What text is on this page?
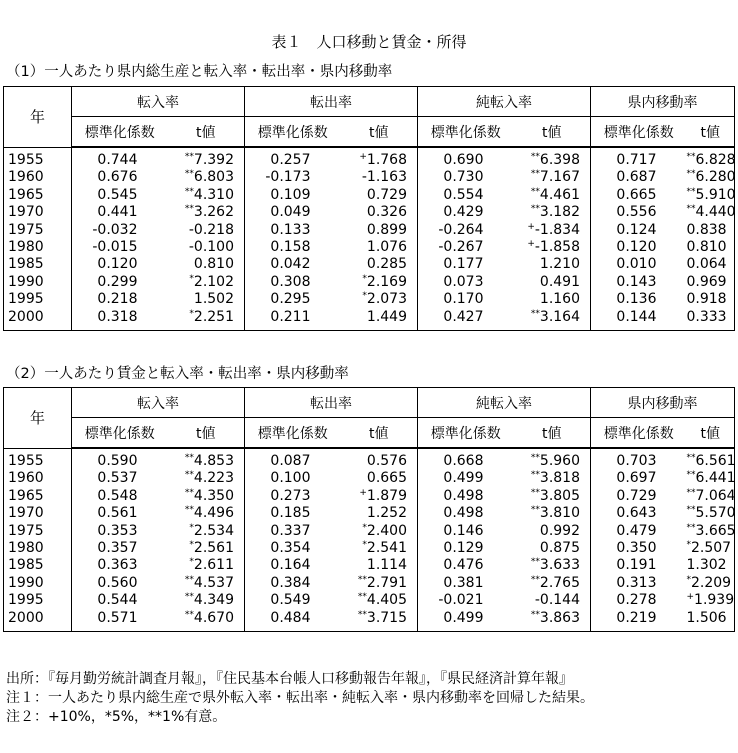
表１　人口移動と賃金・所得
（1）一人あたり県内総生産と転入率・転出率・県内移動率
年	転入率		転出率		純転入率		県内移動率	
	標準化係数	t値	標準化係数	t値	標準化係数	t値	標準化係数	t値
1955	0.744	**7.392	0.257	+1.768	0.690	**6.398	0.717	**6.828
1960	0.676	**6.803	-0.173	-1.163	0.730	**7.167	0.687	**6.280
1965	0.545	**4.310	0.109	0.729	0.554	**4.461	0.665	**5.910
1970	0.441	**3.262	0.049	0.326	0.429	**3.182	0.556	**4.440
1975	-0.032	-0.218	0.133	0.899	-0.264	+-1.834	0.124	0.838
1980	-0.015	-0.100	0.158	1.076	-0.267	+-1.858	0.120	0.810
1985	0.120	0.810	0.042	0.285	0.177	1.210	0.010	0.064
1990	0.299	*2.102	0.308	*2.169	0.073	0.491	0.143	0.969
1995	0.218	1.502	0.295	*2.073	0.170	1.160	0.136	0.918
2000	0.318	*2.251	0.211	1.449	0.427	**3.164	0.144	0.333
（2）一人あたり賃金と転入率・転出率・県内移動率
年	転入率		転出率		純転入率		県内移動率	
	標準化係数	t値	標準化係数	t値	標準化係数	t値	標準化係数	t値
1955	0.590	**4.853	0.087	0.576	0.668	**5.960	0.703	**6.561
1960	0.537	**4.223	0.100	0.665	0.499	**3.818	0.697	**6.441
1965	0.548	**4.350	0.273	+1.879	0.498	**3.805	0.729	**7.064
1970	0.561	**4.496	0.185	1.252	0.498	**3.810	0.643	**5.570
1975	0.353	*2.534	0.337	*2.400	0.146	0.992	0.479	**3.665
1980	0.357	*2.561	0.354	*2.541	0.129	0.875	0.350	*2.507
1985	0.363	*2.611	0.164	1.114	0.476	**3.633	0.191	1.302
1990	0.560	**4.537	0.384	**2.791	0.381	**2.765	0.313	*2.209
1995	0.544	**4.349	0.549	**4.405	-0.021	-0.144	0.278	+1.939
2000	0.571	**4.670	0.484	**3.715	0.499	**3.863	0.219	1.506
出所：『毎月勤労統計調査月報』，『住民基本台帳人口移動報告年報』，『県民経済計算年報』
注１：一人あたり県内総生産で県外転入率・転出率・純転入率・県内移動率を回帰した結果。
注２：+10%，*5%，**1%有意。
